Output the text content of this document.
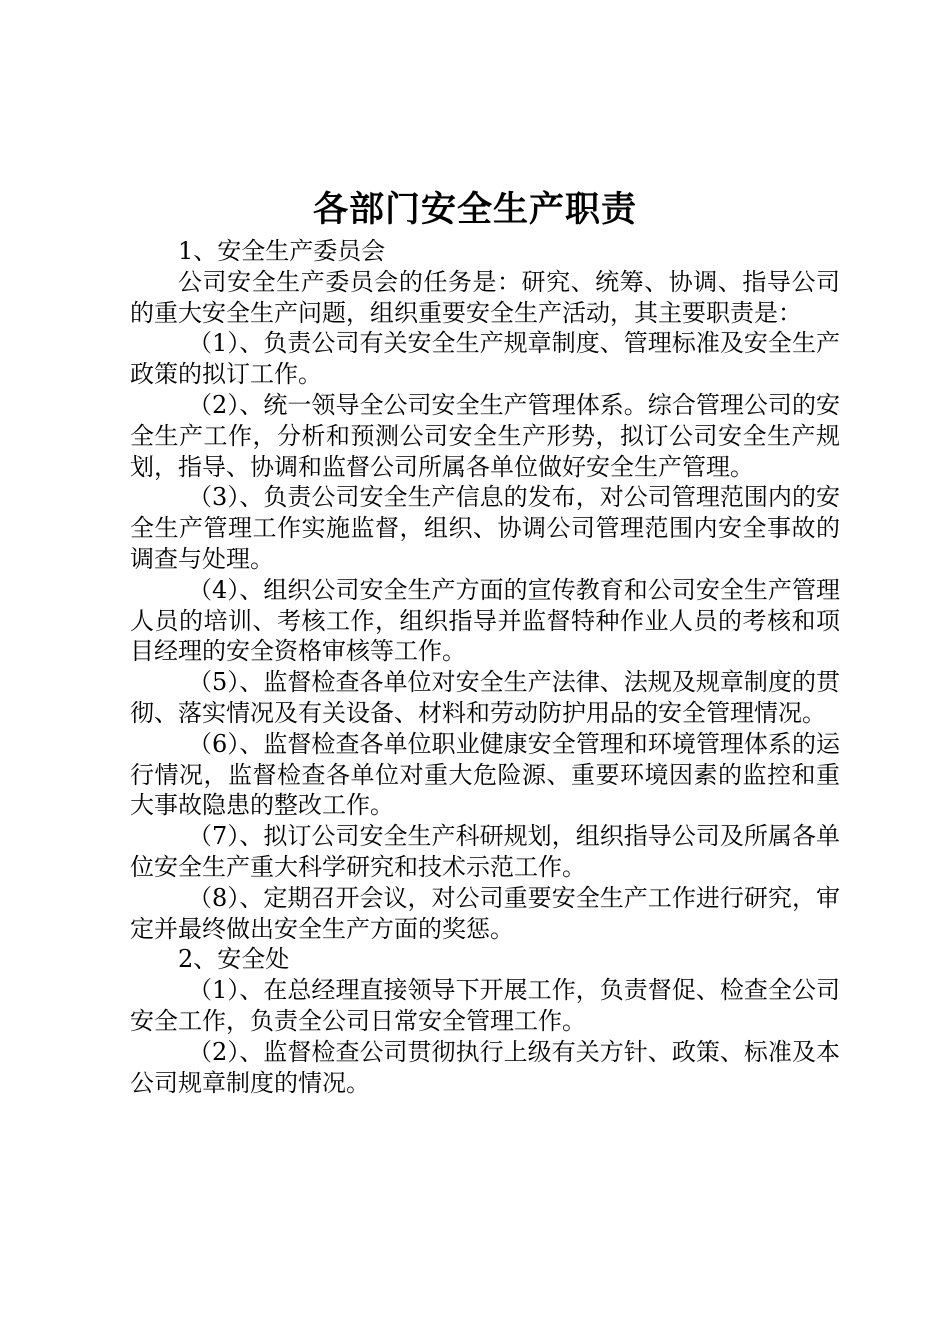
各部门安全生产职责

1、安全生产委员会

公司安全生产委员会的任务是：研究、统筹、协调、指导公司的重大安全生产问题，组织重要安全生产活动，其主要职责是：

（1）、负责公司有关安全生产规章制度、管理标准及安全生产政策的拟订工作。

（2）、统一领导全公司安全生产管理体系。综合管理公司的安全生产工作，分析和预测公司安全生产形势，拟订公司安全生产规划，指导、协调和监督公司所属各单位做好安全生产管理。

（3）、负责公司安全生产信息的发布，对公司管理范围内的安全生产管理工作实施监督，组织、协调公司管理范围内安全事故的调查与处理。

（4）、组织公司安全生产方面的宣传教育和公司安全生产管理人员的培训、考核工作，组织指导并监督特种作业人员的考核和项目经理的安全资格审核等工作。

（5）、监督检查各单位对安全生产法律、法规及规章制度的贯彻、落实情况及有关设备、材料和劳动防护用品的安全管理情况。

（6）、监督检查各单位职业健康安全管理和环境管理体系的运行情况，监督检查各单位对重大危险源、重要环境因素的监控和重大事故隐患的整改工作。

（7）、拟订公司安全生产科研规划，组织指导公司及所属各单位安全生产重大科学研究和技术示范工作。

（8）、定期召开会议，对公司重要安全生产工作进行研究，审定并最终做出安全生产方面的奖惩。

2、安全处

（1）、在总经理直接领导下开展工作，负责督促、检查全公司安全工作，负责全公司日常安全管理工作。

（2）、监督检查公司贯彻执行上级有关方针、政策、标准及本公司规章制度的情况。
